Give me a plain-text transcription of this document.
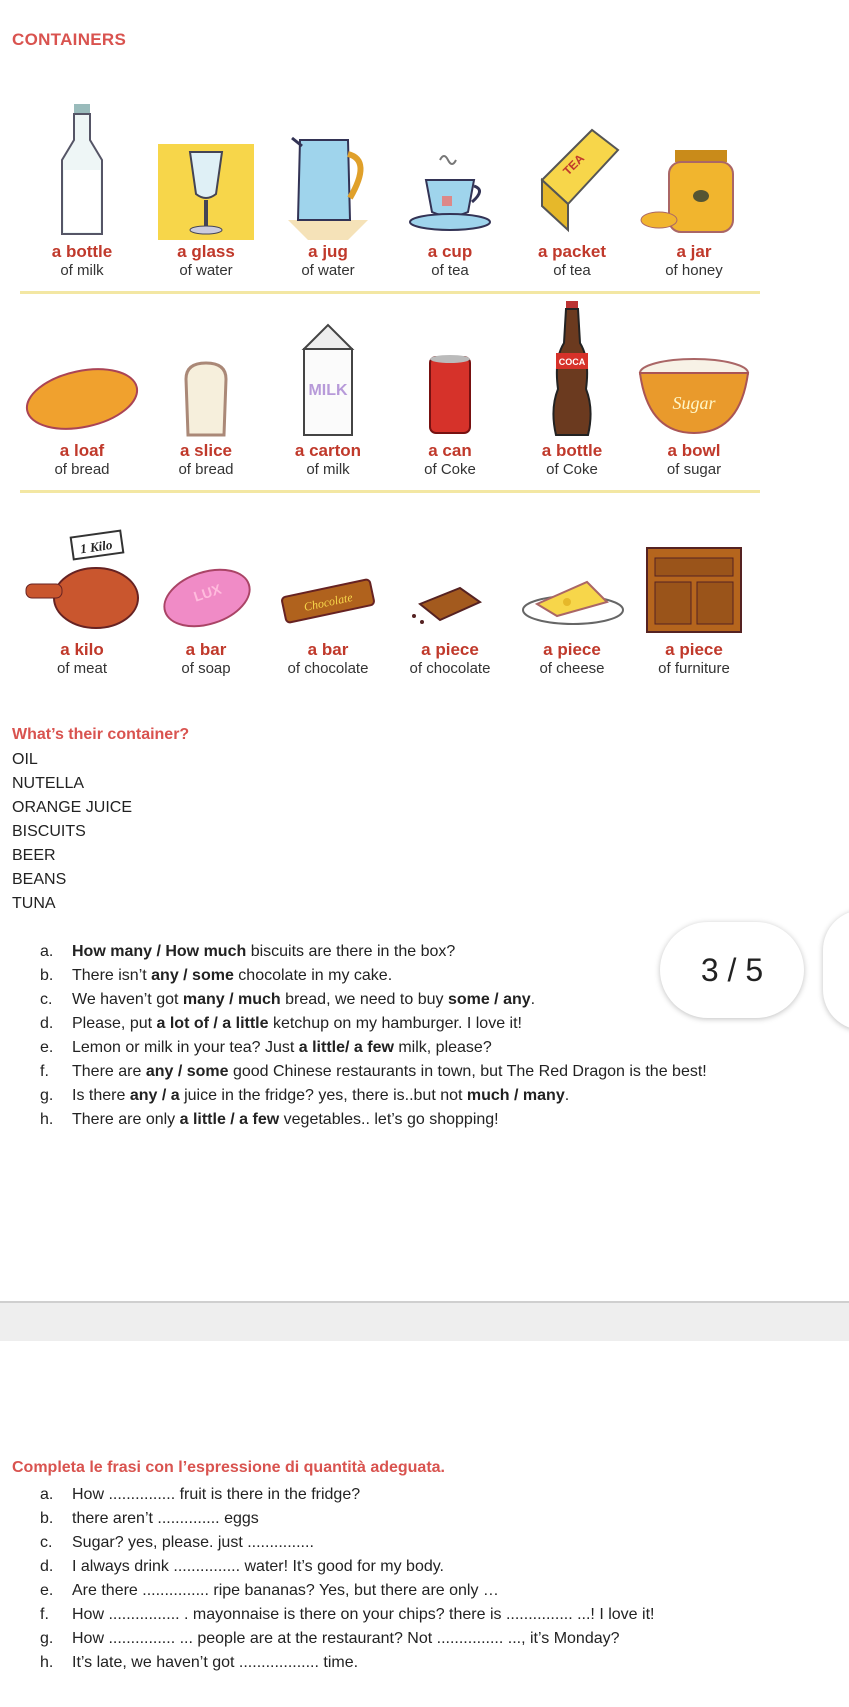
CONTAINERS
a bottle
of milk
a glass
of water
a jug
of water
a cup
of tea
TEA
a packet
of tea
a jar
of honey
a loaf
of bread
a slice
of bread
MILK
a carton
of milk
a can
of Coke
COCA
a bottle
of Coke
Sugar
a bowl
of sugar
1 Kilo
a kilo
of meat
LUX
a bar
of soap
Chocolate
a bar
of chocolate
a piece
of chocolate
a piece
of cheese
a piece
of furniture
What’s their container?
OIL
NUTELLA
ORANGE JUICE
BISCUITS
BEER
BEANS
TUNA
a.	How many / How much biscuits are there in the box?
b.	There isn’t any / some chocolate in my cake.
c.	We haven’t got many / much bread, we need to buy some / any.
d.	Please, put a lot of / a little ketchup on my hamburger. I love it!
e.	Lemon or milk in your tea? Just a little/ a few milk, please?
f.	There are any / some good Chinese restaurants in town, but The Red Dragon is the best!
g.	Is there any / a juice in the fridge? yes, there is..but not much / many.
h.	There are only a little / a few vegetables.. let’s go shopping!
3 / 5
Completa le frasi con l’espressione di quantità adeguata.
a.	How ............... fruit is there in the fridge?
b.	there aren’t .............. eggs
c.	Sugar? yes, please. just ...............
d.	I always drink ............... water! It’s good for my body.
e.	Are there ............... ripe bananas? Yes, but there are only …
f.	How ................ . mayonnaise is there on your chips? there is ............... ...! I love it!
g.	How ............... ... people are at the restaurant? Not ............... ..., it’s Monday?
h.	It’s late, we haven’t got .................. time.
